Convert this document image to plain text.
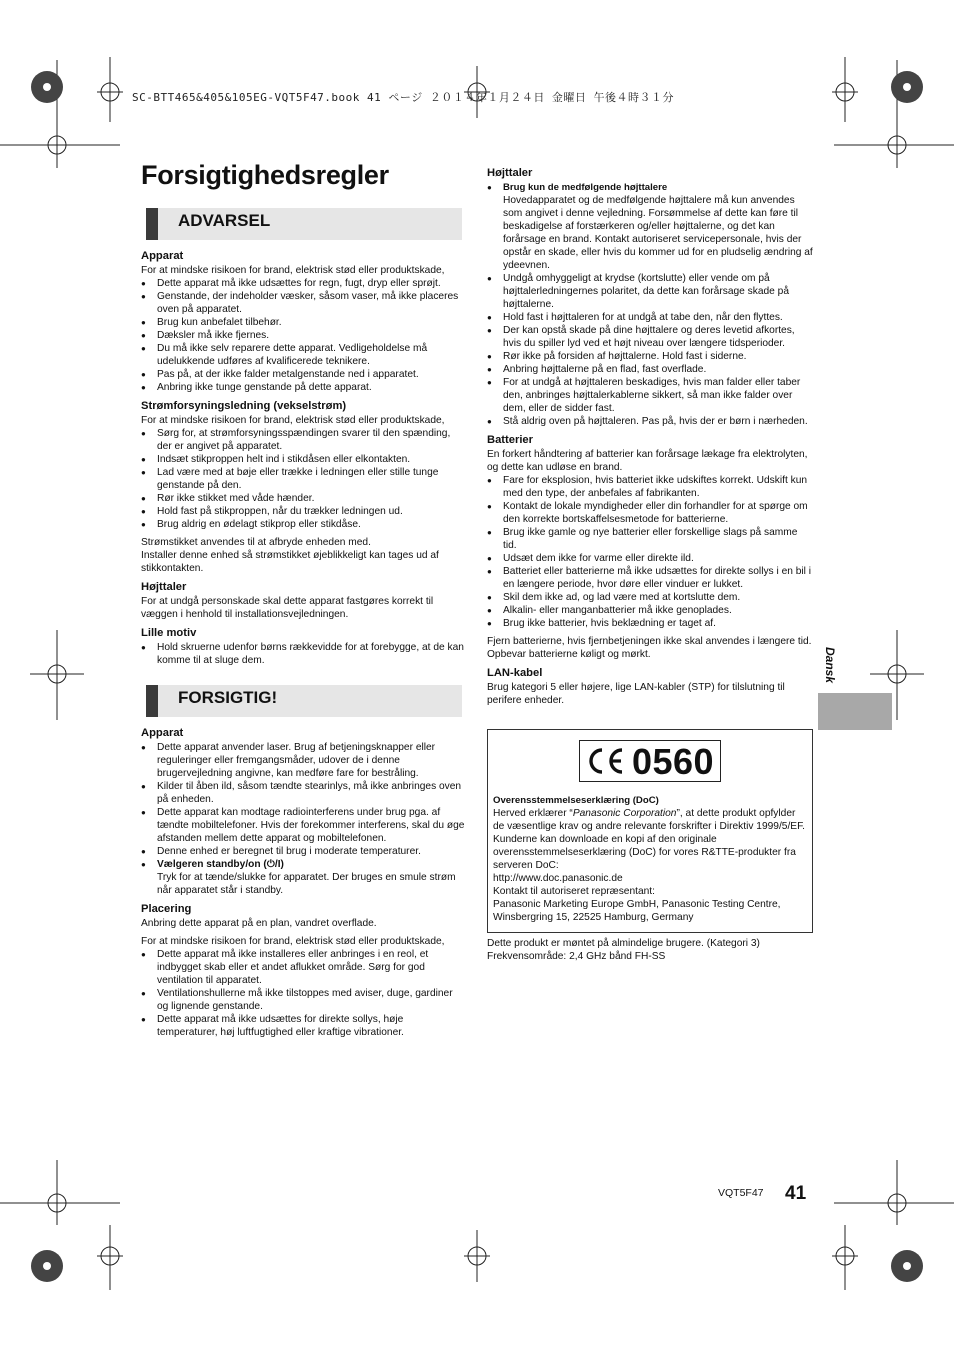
SC-BTT465&405&105EG-VQT5F47.book 41 ページ ２０１４年１月２４日 金曜日 午後４時３１分
Forsigtighedsregler
ADVARSEL
Apparat

For at mindske risikoen for brand, elektrisk stød eller produktskade,

● Dette apparat må ikke udsættes for regn, fugt, dryp eller sprøjt.
● Genstande, der indeholder væsker, såsom vaser, må ikke placeres oven på apparatet.
● Brug kun anbefalet tilbehør.
● Dæksler må ikke fjernes.
● Du må ikke selv reparere dette apparat. Vedligeholdelse må udelukkende udføres af kvalificerede teknikere.
● Pas på, at der ikke falder metalgenstande ned i apparatet.
● Anbring ikke tunge genstande på dette apparat.
Strømforsyningsledning (vekselstrøm)

For at mindske risikoen for brand, elektrisk stød eller produktskade,

● Sørg for, at strømforsyningsspændingen svarer til den spænding, der er angivet på apparatet.
● Indsæt stikproppen helt ind i stikdåsen eller elkontakten.
● Lad være med at bøje eller trække i ledningen eller stille tunge genstande på den.
● Rør ikke stikket med våde hænder.
● Hold fast på stikproppen, når du trækker ledningen ud.
● Brug aldrig en ødelagt stikprop eller stikdåse.

Strømstikket anvendes til at afbryde enheden med.

Installer denne enhed så strømstikket øjeblikkeligt kan tages ud af stikkontakten.

Højttaler

For at undgå personskade skal dette apparat fastgøres korrekt til væggen i henhold til installationsvejledningen.

Lille motiv
● Hold skruerne udenfor børns rækkevidde for at forebygge, at de kan komme til at sluge dem.
FORSIGTIG!
Apparat
● Dette apparat anvender laser. Brug af betjeningsknapper eller reguleringer eller fremgangsmåder, udover de i denne brugervejledning angivne, kan medføre fare for bestråling.
● Kilder til åben ild, såsom tændte stearinlys, må ikke anbringes oven på enheden.
● Dette apparat kan modtage radiointerferens under brug pga. af tændte mobiltelefoner. Hvis der forekommer interferens, skal du øge afstanden mellem dette apparat og mobiltelefonen.
● Denne enhed er beregnet til brug i moderate temperaturer.
● Vælgeren standby/on (⏻/I)
Tryk for at tænde/slukke for apparatet. Der bruges en smule strøm når apparatet står i standby.
Placering

Anbring dette apparat på en plan, vandret overflade.

For at mindske risikoen for brand, elektrisk stød eller produktskade,

● Dette apparat må ikke installeres eller anbringes i en reol, et indbygget skab eller et andet aflukket område. Sørg for god ventilation til apparatet.
● Ventilationshullerne må ikke tilstoppes med aviser, duge, gardiner og lignende genstande.
● Dette apparat må ikke udsættes for direkte sollys, høje temperaturer, høj luftfugtighed eller kraftige vibrationer.
Højttaler
● Brug kun de medfølgende højttalere
Hovedapparatet og de medfølgende højttalere må kun anvendes som angivet i denne vejledning. Forsømmelse af dette kan føre til beskadigelse af forstærkeren og/eller højttalerne, og det kan forårsage en brand. Kontakt autoriseret servicepersonale, hvis der opstår en skade, eller hvis du kommer ud for en pludselig ændring af ydeevnen.
● Undgå omhyggeligt at krydse (kortslutte) eller vende om på højttalerledningernes polaritet, da dette kan forårsage skade på højttalerne.
● Hold fast i højttaleren for at undgå at tabe den, når den flyttes.
● Der kan opstå skade på dine højttalere og deres levetid afkortes, hvis du spiller lyd ved et højt niveau over længere tidsperioder.
● Rør ikke på forsiden af højttalerne. Hold fast i siderne.
● Anbring højttalerne på en flad, fast overflade.
● For at undgå at højttaleren beskadiges, hvis man falder eller taber den, anbringes højttalerkablerne sikkert, så man ikke falder over dem, eller de sidder fast.
● Stå aldrig oven på højttaleren. Pas på, hvis der er børn i nærheden.
Batterier

En forkert håndtering af batterier kan forårsage lækage fra elektrolyten, og dette kan udløse en brand.

● Fare for eksplosion, hvis batteriet ikke udskiftes korrekt. Udskift kun med den type, der anbefales af fabrikanten.
● Kontakt de lokale myndigheder eller din forhandler for at spørge om den korrekte bortskaffelsesmetode for batterierne.
● Brug ikke gamle og nye batterier eller forskellige slags på samme tid.
● Udsæt dem ikke for varme eller direkte ild.
● Batteriet eller batterierne må ikke udsættes for direkte sollys i en bil i en længere periode, hvor døre eller vinduer er lukket.
● Skil dem ikke ad, og lad være med at kortslutte dem.
● Alkalin- eller manganbatterier må ikke genoplades.
● Brug ikke batterier, hvis beklædning er taget af.

Fjern batterierne, hvis fjernbetjeningen ikke skal anvendes i længere tid. Opbevar batterierne køligt og mørkt.

LAN-kabel

Brug kategori 5 eller højere, lige LAN-kabler (STP) for tilslutning til perifere enheder.

0560

Overensstemmelseserklæring (DoC)

Herved erklærer “Panasonic Corporation”, at dette produkt opfylder de væsentlige krav og andre relevante forskrifter i Direktiv 1999/5/EF.

Kunderne kan downloade en kopi af den originale overensstemmelseserklæring (DoC) for vores R&TTE-produkter fra serveren DoC:

http://www.doc.panasonic.de

Kontakt til autoriseret repræsentant:

Panasonic Marketing Europe GmbH, Panasonic Testing Centre, Winsbergring 15, 22525 Hamburg, Germany

Dette produkt er møntet på almindelige brugere. (Kategori 3)

Frekvensområde: 2,4 GHz bånd FH-SS

Dansk
VQT5F47 41
